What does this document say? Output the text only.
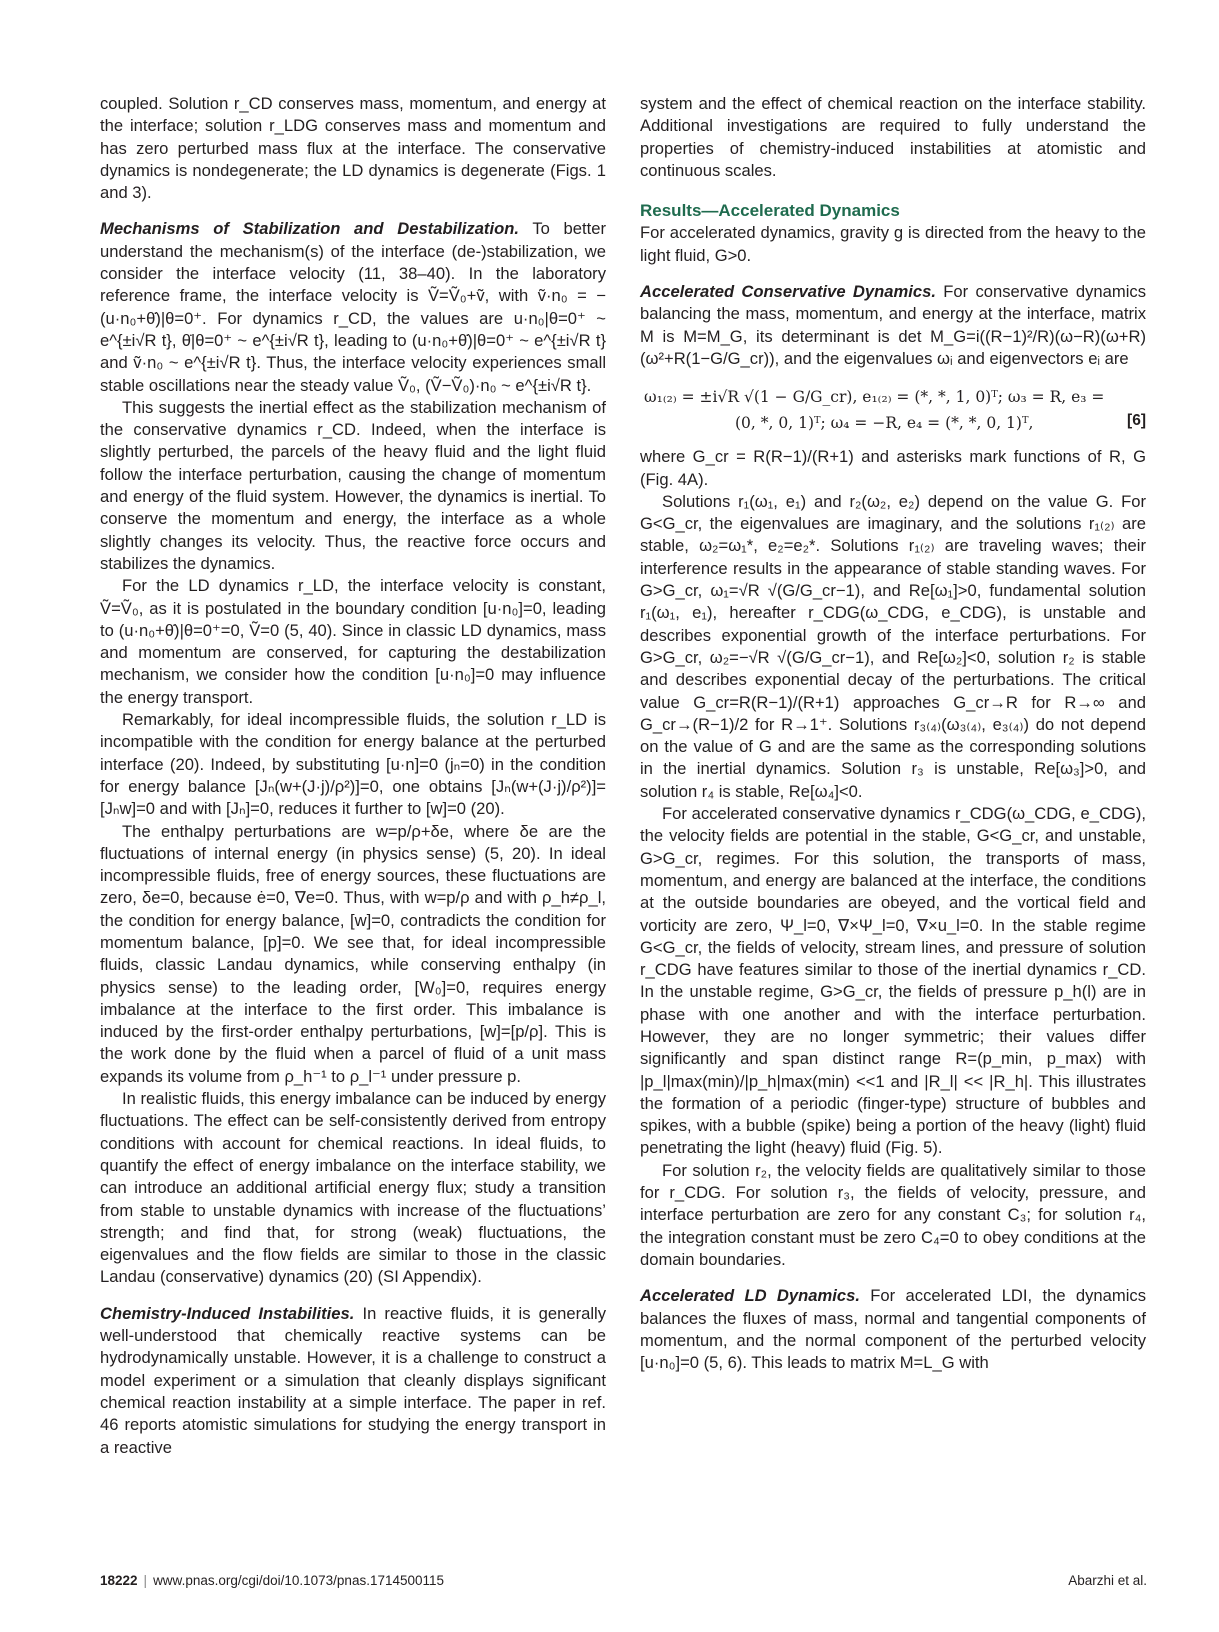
coupled. Solution r_CD conserves mass, momentum, and energy at the interface; solution r_LDG conserves mass and momentum and has zero perturbed mass flux at the interface. The conservative dynamics is nondegenerate; the LD dynamics is degenerate (Figs. 1 and 3).

Mechanisms of Stabilization and Destabilization. To better understand the mechanism(s) of the interface (de-)stabilization, we consider the interface velocity (11, 38–40). In the laboratory reference frame, the interface velocity is Ṽ=Ṽ₀+ṽ, with ṽ·n₀ = −(u·n₀+θ̇)|θ=0⁺. For dynamics r_CD, the values are u·n₀|θ=0⁺ ~ e^{±i√R t}, θ̇|θ=0⁺ ~ e^{±i√R t}, leading to (u·n₀+θ̇)|θ=0⁺ ~ e^{±i√R t} and ṽ·n₀ ~ e^{±i√R t}. Thus, the interface velocity experiences small stable oscillations near the steady value Ṽ₀, (Ṽ−Ṽ₀)·n₀ ~ e^{±i√R t}.

This suggests the inertial effect as the stabilization mechanism of the conservative dynamics r_CD. Indeed, when the interface is slightly perturbed, the parcels of the heavy fluid and the light fluid follow the interface perturbation, causing the change of momentum and energy of the fluid system. However, the dynamics is inertial. To conserve the momentum and energy, the interface as a whole slightly changes its velocity. Thus, the reactive force occurs and stabilizes the dynamics.

For the LD dynamics r_LD, the interface velocity is constant, Ṽ=Ṽ₀, as it is postulated in the boundary condition [u·n₀]=0, leading to (u·n₀+θ̇)|θ=0⁺=0, Ṽ=0 (5, 40). Since in classic LD dynamics, mass and momentum are conserved, for capturing the destabilization mechanism, we consider how the condition [u·n₀]=0 may influence the energy transport.

Remarkably, for ideal incompressible fluids, the solution r_LD is incompatible with the condition for energy balance at the perturbed interface (20). Indeed, by substituting [u·n]=0 (jₙ=0) in the condition for energy balance [Jₙ(w+(J·j)/ρ²)]=0, one obtains [Jₙ(w+(J·j)/ρ²)]=[Jₙw]=0 and with [Jₙ]=0, reduces it further to [w]=0 (20).

The enthalpy perturbations are w=p/ρ+δe, where δe are the fluctuations of internal energy (in physics sense) (5, 20). In ideal incompressible fluids, free of energy sources, these fluctuations are zero, δe=0, because ė=0, ∇e=0. Thus, with w=p/ρ and with ρ_h≠ρ_l, the condition for energy balance, [w]=0, contradicts the condition for momentum balance, [p]=0. We see that, for ideal incompressible fluids, classic Landau dynamics, while conserving enthalpy (in physics sense) to the leading order, [W₀]=0, requires energy imbalance at the interface to the first order. This imbalance is induced by the first-order enthalpy perturbations, [w]=[p/ρ]. This is the work done by the fluid when a parcel of fluid of a unit mass expands its volume from ρ_h⁻¹ to ρ_l⁻¹ under pressure p.

In realistic fluids, this energy imbalance can be induced by energy fluctuations. The effect can be self-consistently derived from entropy conditions with account for chemical reactions. In ideal fluids, to quantify the effect of energy imbalance on the interface stability, we can introduce an additional artificial energy flux; study a transition from stable to unstable dynamics with increase of the fluctuations’ strength; and find that, for strong (weak) fluctuations, the eigenvalues and the flow fields are similar to those in the classic Landau (conservative) dynamics (20) (SI Appendix).

Chemistry-Induced Instabilities. In reactive fluids, it is generally well-understood that chemically reactive systems can be hydrodynamically unstable. However, it is a challenge to construct a model experiment or a simulation that cleanly displays significant chemical reaction instability at a simple interface. The paper in ref. 46 reports atomistic simulations for studying the energy transport in a reactive

system and the effect of chemical reaction on the interface stability. Additional investigations are required to fully understand the properties of chemistry-induced instabilities at atomistic and continuous scales.

Results—Accelerated Dynamics

For accelerated dynamics, gravity g is directed from the heavy to the light fluid, G>0.

Accelerated Conservative Dynamics. For conservative dynamics balancing the mass, momentum, and energy at the interface, matrix M is M=M_G, its determinant is det M_G=i((R−1)²/R)(ω−R)(ω+R)(ω²+R(1−G/G_cr)), and the eigenvalues ωᵢ and eigenvectors eᵢ are

ω₁₍₂₎ = ±i√R √(1 − G/G_cr), e₁₍₂₎ = (*, *, 1, 0)ᵀ; ω₃ = R, e₃ =
(0, *, 0, 1)ᵀ; ω₄ = −R, e₄ = (*, *, 0, 1)ᵀ,	[6]

where G_cr = R(R−1)/(R+1) and asterisks mark functions of R, G (Fig. 4A).

Solutions r₁(ω₁, e₁) and r₂(ω₂, e₂) depend on the value G. For G<G_cr, the eigenvalues are imaginary, and the solutions r₁₍₂₎ are stable, ω₂=ω₁*, e₂=e₂*. Solutions r₁₍₂₎ are traveling waves; their interference results in the appearance of stable standing waves. For G>G_cr, ω₁=√R √(G/G_cr−1), and Re[ω₁]>0, fundamental solution r₁(ω₁, e₁), hereafter r_CDG(ω_CDG, e_CDG), is unstable and describes exponential growth of the interface perturbations. For G>G_cr, ω₂=−√R √(G/G_cr−1), and Re[ω₂]<0, solution r₂ is stable and describes exponential decay of the perturbations. The critical value G_cr=R(R−1)/(R+1) approaches G_cr→R for R→∞ and G_cr→(R−1)/2 for R→1⁺. Solutions r₃₍₄₎(ω₃₍₄₎, e₃₍₄₎) do not depend on the value of G and are the same as the corresponding solutions in the inertial dynamics. Solution r₃ is unstable, Re[ω₃]>0, and solution r₄ is stable, Re[ω₄]<0.

For accelerated conservative dynamics r_CDG(ω_CDG, e_CDG), the velocity fields are potential in the stable, G<G_cr, and unstable, G>G_cr, regimes. For this solution, the transports of mass, momentum, and energy are balanced at the interface, the conditions at the outside boundaries are obeyed, and the vortical field and vorticity are zero, Ψ_l=0, ∇×Ψ_l=0, ∇×u_l=0. In the stable regime G<G_cr, the fields of velocity, stream lines, and pressure of solution r_CDG have features similar to those of the inertial dynamics r_CD. In the unstable regime, G>G_cr, the fields of pressure p_h(l) are in phase with one another and with the interface perturbation. However, they are no longer symmetric; their values differ significantly and span distinct range R=(p_min, p_max) with |p_l|max(min)/|p_h|max(min) <<1 and |R_l| << |R_h|. This illustrates the formation of a periodic (finger-type) structure of bubbles and spikes, with a bubble (spike) being a portion of the heavy (light) fluid penetrating the light (heavy) fluid (Fig. 5).

For solution r₂, the velocity fields are qualitatively similar to those for r_CDG. For solution r₃, the fields of velocity, pressure, and interface perturbation are zero for any constant C₃; for solution r₄, the integration constant must be zero C₄=0 to obey conditions at the domain boundaries.

Accelerated LD Dynamics. For accelerated LDI, the dynamics balances the fluxes of mass, normal and tangential components of momentum, and the normal component of the perturbed velocity [u·n₀]=0 (5, 6). This leads to matrix M=L_G with

18222 | www.pnas.org/cgi/doi/10.1073/pnas.1714500115	Abarzhi et al.
